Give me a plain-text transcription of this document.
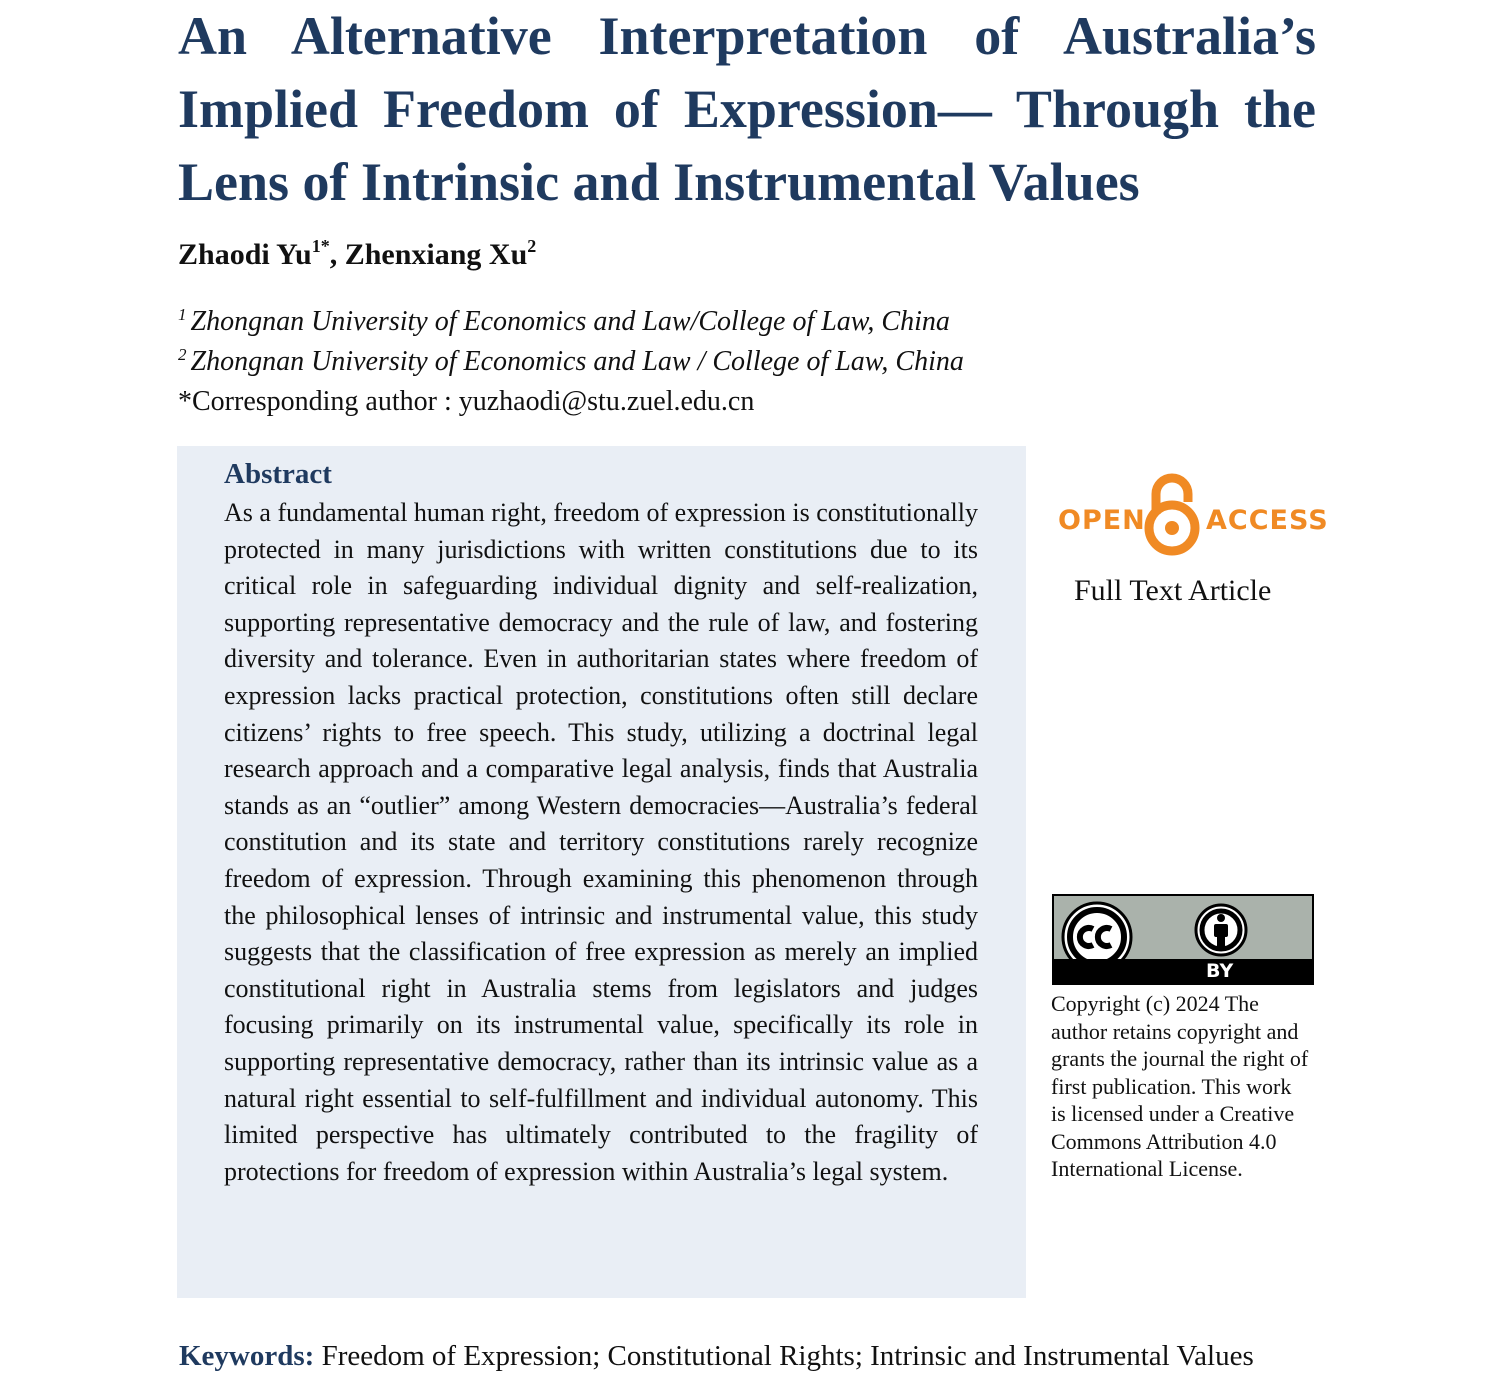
An Alternative Interpretation of Australia’s Implied Freedom of Expression— Through the Lens of Intrinsic and Instrumental Values
Zhaodi $Yu^{1*}$, Zhenxiang Xu$^2$
$^1$ Zhongnan University of Economics and Law/College of Law, China
$^2$ Zhongnan University of Economics and Law / College of Law, China
*Corresponding author : yuzhaodi@stu.zuel.edu.cn
Abstract

As a fundamental human right, freedom of expression is constitutionally protected in many jurisdictions with written constitutions due to its critical role in safeguarding individual dignity and self-realization, supporting representative democracy and the rule of law, and fostering diversity and tolerance. Even in authoritarian states where freedom of expression lacks practical protection, constitutions often still declare citizens’ rights to free speech. This study, utilizing a doctrinal legal research approach and a comparative legal analysis, finds that Australia stands as an “outlier” among Western democracies—Australia’s federal constitution and its state and territory constitutions rarely recognize freedom of expression. Through examining this phenomenon through the philosophical lenses of intrinsic and instrumental value, this study suggests that the classification of free expression as merely an implied constitutional right in Australia stems from legislators and judges focusing primarily on its instrumental value, specifically its role in supporting representative democracy, rather than its intrinsic value as a natural right essential to self-fulfillment and individual autonomy. This limited perspective has ultimately contributed to the fragility of protections for freedom of expression within Australia’s legal system.

OPEN ACCESS
Full Text Article
BY

Copyright (c) 2024 The author retains copyright and grants the journal the right of first publication. This work is licensed under a Creative Commons Attribution 4.0 International License.

Keywords: Freedom of Expression; Constitutional Rights; Intrinsic and Instrumental Values
